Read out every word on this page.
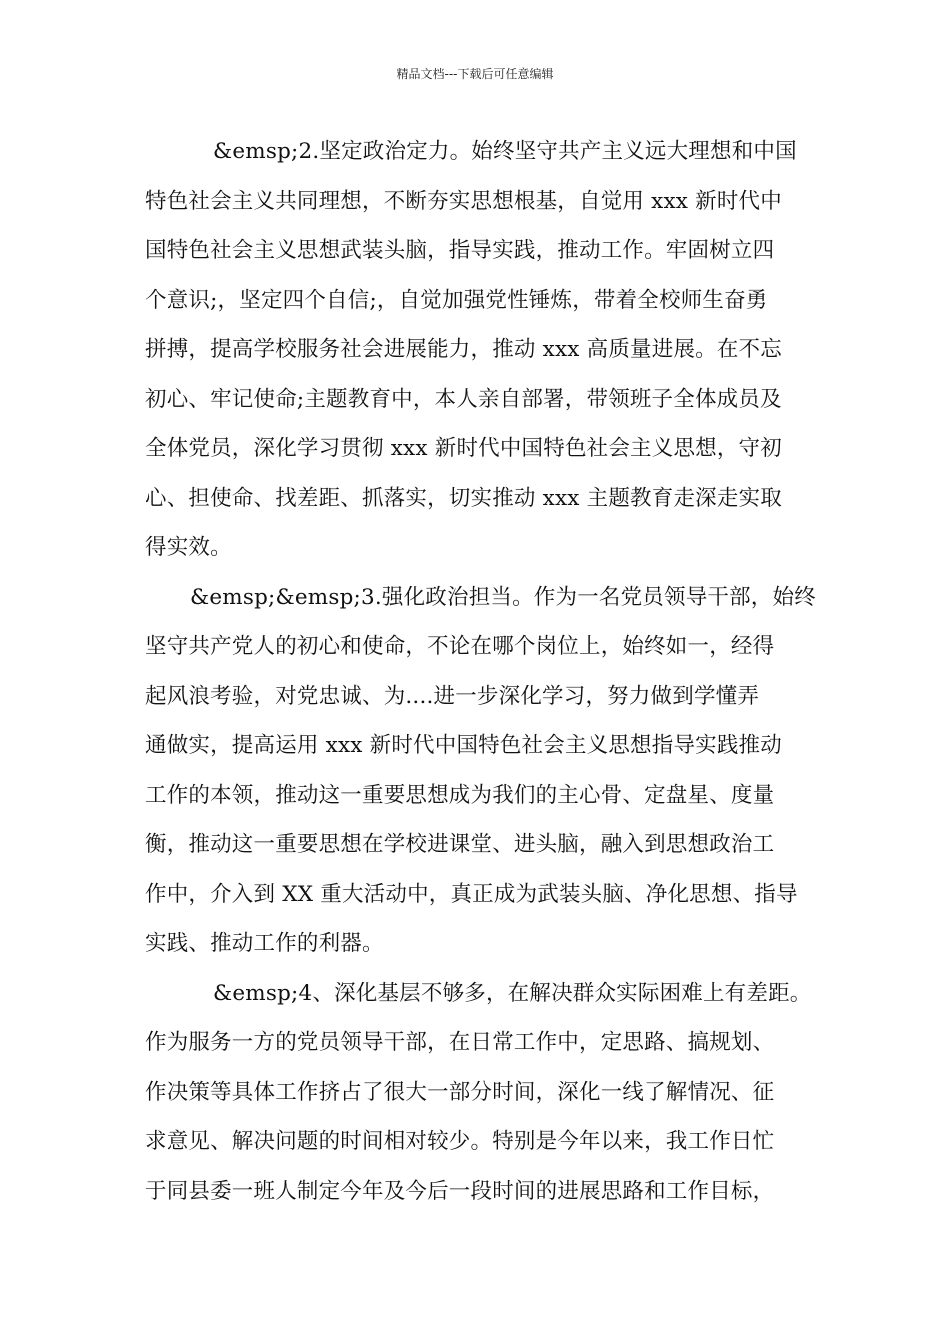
精品文档---下载后可任意编辑
&emsp;2.坚定政治定力。始终坚守共产主义远大理想和中国
特色社会主义共同理想，不断夯实思想根基，自觉用 xxx 新时代中
国特色社会主义思想武装头脑，指导实践，推动工作。牢固树立四
个意识;，坚定四个自信;，自觉加强党性锤炼，带着全校师生奋勇
拼搏，提高学校服务社会进展能力，推动 xxx 高质量进展。在不忘
初心、牢记使命;主题教育中，本人亲自部署，带领班子全体成员及
全体党员，深化学习贯彻 xxx 新时代中国特色社会主义思想，守初
心、担使命、找差距、抓落实，切实推动 xxx 主题教育走深走实取
得实效。
&emsp;&emsp;3.强化政治担当。作为一名党员领导干部，始终
坚守共产党人的初心和使命，不论在哪个岗位上，始终如一，经得
起风浪考验，对党忠诚、为....进一步深化学习，努力做到学懂弄
通做实，提高运用 xxx 新时代中国特色社会主义思想指导实践推动
工作的本领，推动这一重要思想成为我们的主心骨、定盘星、度量
衡，推动这一重要思想在学校进课堂、进头脑，融入到思想政治工
作中，介入到 XX 重大活动中，真正成为武装头脑、净化思想、指导
实践、推动工作的利器。
&emsp;4、深化基层不够多，在解决群众实际困难上有差距。
作为服务一方的党员领导干部，在日常工作中，定思路、搞规划、
作决策等具体工作挤占了很大一部分时间，深化一线了解情况、征
求意见、解决问题的时间相对较少。特别是今年以来，我工作日忙
于同县委一班人制定今年及今后一段时间的进展思路和工作目标，
